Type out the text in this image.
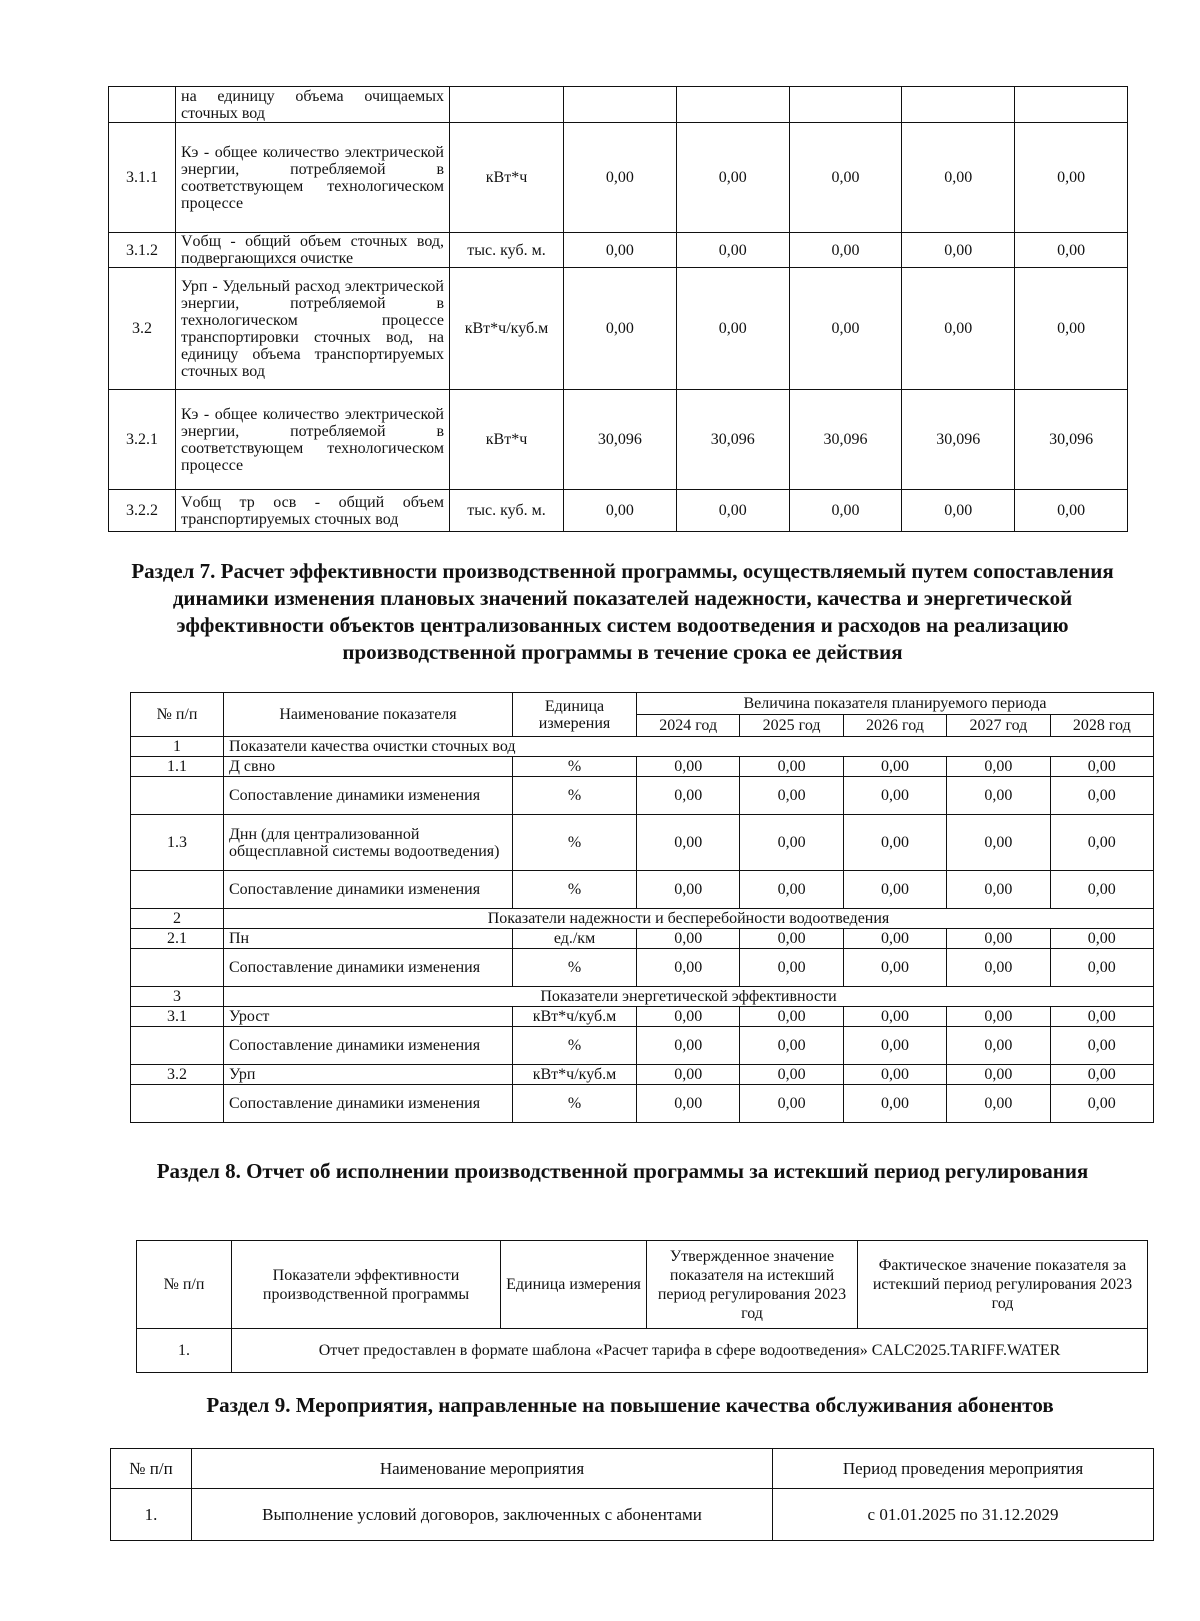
	на единицу объема очищаемых сточных вод						
3.1.1	Кэ - общее количество электрической энергии, потребляемой в соответствующем технологическом процессе	кВт*ч	0,00	0,00	0,00	0,00	0,00
3.1.2	Vобщ - общий объем сточных вод, подвергающихся очистке	тыс. куб. м.	0,00	0,00	0,00	0,00	0,00
3.2	Урп - Удельный расход электрической энергии, потребляемой в технологическом процессе транспортировки сточных вод, на единицу объема транспортируемых сточных вод	кВт*ч/куб.м	0,00	0,00	0,00	0,00	0,00
3.2.1	Кэ - общее количество электрической энергии, потребляемой в соответствующем технологическом процессе	кВт*ч	30,096	30,096	30,096	30,096	30,096
3.2.2	Vобщ тр осв - общий объем транспортируемых сточных вод	тыс. куб. м.	0,00	0,00	0,00	0,00	0,00
Раздел 7. Расчет эффективности производственной программы, осуществляемый путем сопоставления динамики изменения плановых значений показателей надежности, качества и энергетической эффективности объектов централизованных систем водоотведения и расходов на реализацию производственной программы в течение срока ее действия
№ п/п	Наименование показателя	Единица измерения	Величина показателя планируемого периода				
			2024 год	2025 год	2026 год	2027 год	2028 год
1	Показатели качества очистки сточных вод						
1.1	Д свно	%	0,00	0,00	0,00	0,00	0,00
	Сопоставление динамики изменения	%	0,00	0,00	0,00	0,00	0,00
1.3	Днн (для централизованной общесплавной системы водоотведения)	%	0,00	0,00	0,00	0,00	0,00
	Сопоставление динамики изменения	%	0,00	0,00	0,00	0,00	0,00
2	Показатели надежности и бесперебойности водоотведения						
2.1	Пн	ед./км	0,00	0,00	0,00	0,00	0,00
	Сопоставление динамики изменения	%	0,00	0,00	0,00	0,00	0,00
3	Показатели энергетической эффективности						
3.1	Урост	кВт*ч/куб.м	0,00	0,00	0,00	0,00	0,00
	Сопоставление динамики изменения	%	0,00	0,00	0,00	0,00	0,00
3.2	Урп	кВт*ч/куб.м	0,00	0,00	0,00	0,00	0,00
	Сопоставление динамики изменения	%	0,00	0,00	0,00	0,00	0,00
Раздел 8. Отчет об исполнении производственной программы за истекший период регулирования
№ п/п	Показатели эффективности производственной программы	Единица измерения	Утвержденное значение показателя на истекший период регулирования 2023 год	Фактическое значение показателя за истекший период регулирования 2023 год
1.	Отчет предоставлен в формате шаблона «Расчет тарифа в сфере водоотведения» CALC2025.TARIFF.WATER			
Раздел 9. Мероприятия, направленные на повышение качества обслуживания абонентов
№ п/п	Наименование мероприятия	Период проведения мероприятия
1.	Выполнение условий договоров, заключенных с абонентами	с 01.01.2025 по 31.12.2029
